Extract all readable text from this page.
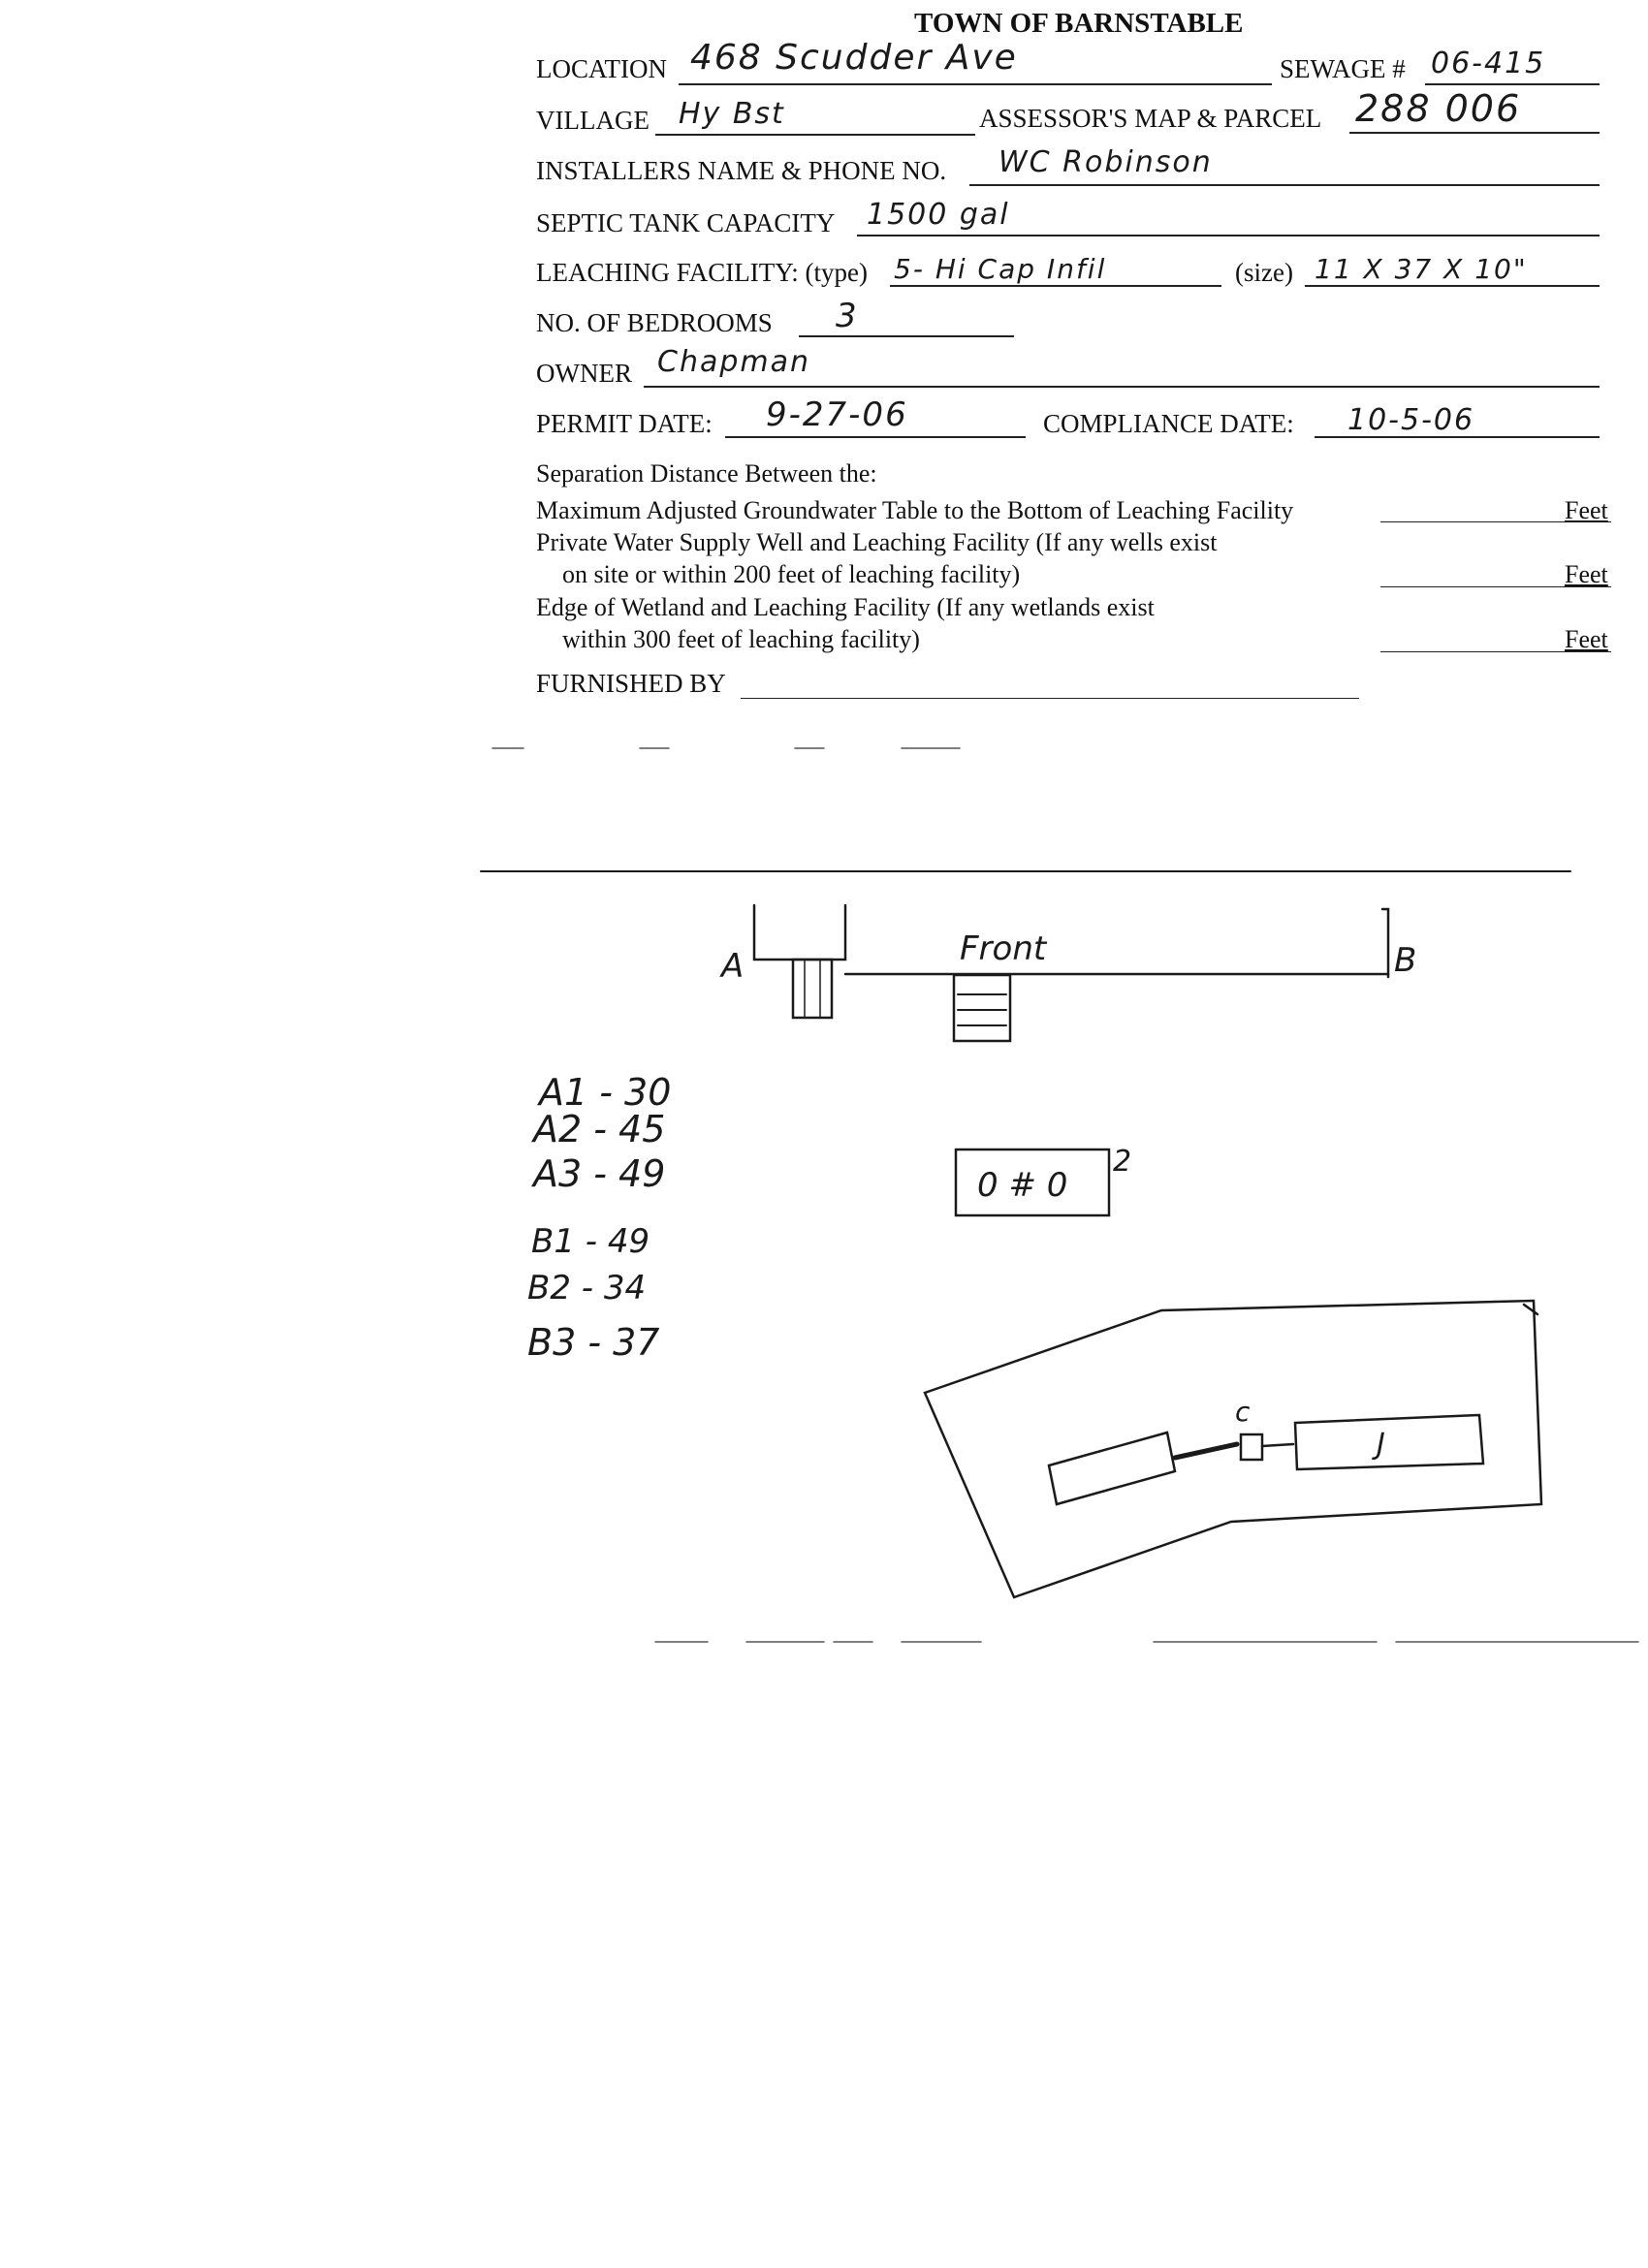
TOWN OF BARNSTABLE
LOCATION 468 Scudder Ave	SEWAGE # 06-415
VILLAGE Hy Bst	ASSESSOR'S MAP & PARCEL 288 006
INSTALLERS NAME & PHONE NO. WC Robinson
SEPTIC TANK CAPACITY 1500 gal
LEACHING FACILITY: (type) 5- Hi Cap Infil	(size) 11 X 37 X 10"
NO. OF BEDROOMS 3
OWNER Chapman
PERMIT DATE: 9-27-06	COMPLIANCE DATE: 10-5-06
Separation Distance Between the:
Maximum Adjusted Groundwater Table to the Bottom of Leaching Facility	Feet
Private Water Supply Well and Leaching Facility (If any wells exist
on site or within 200 feet of leaching facility)	Feet
Edge of Wetland and Leaching Facility (If any wetlands exist
within 300 feet of leaching facility)	Feet
FURNISHED BY
A	B
Front
A1 - 30
A2 - 45
A3 - 49
B1 - 49
B2 - 34
B3 - 37
0 # 0
2
c
J
